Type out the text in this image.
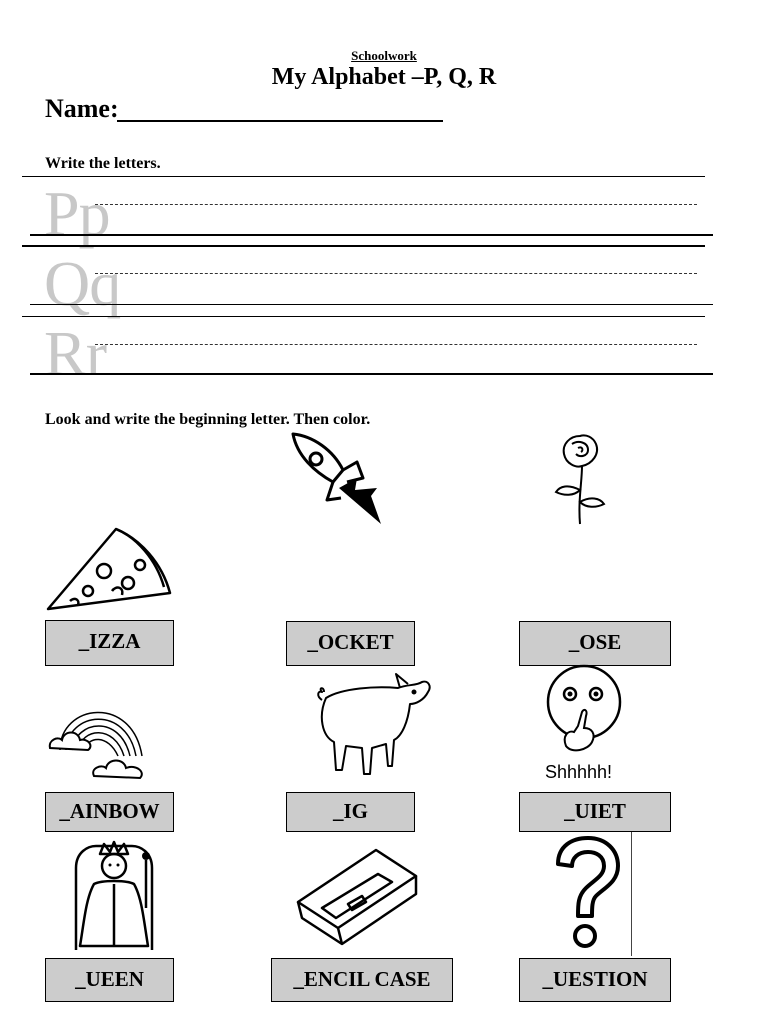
Schoolwork
My Alphabet –P, Q, R
Name:
Write the letters.
Pp
Qq
Rr
Look and write the beginning letter. Then color.
_IZZA	_OCKET	_OSE
Shhhhh!
_AINBOW	_IG	_UIET
_UEEN	_ENCIL CASE	_UESTION
